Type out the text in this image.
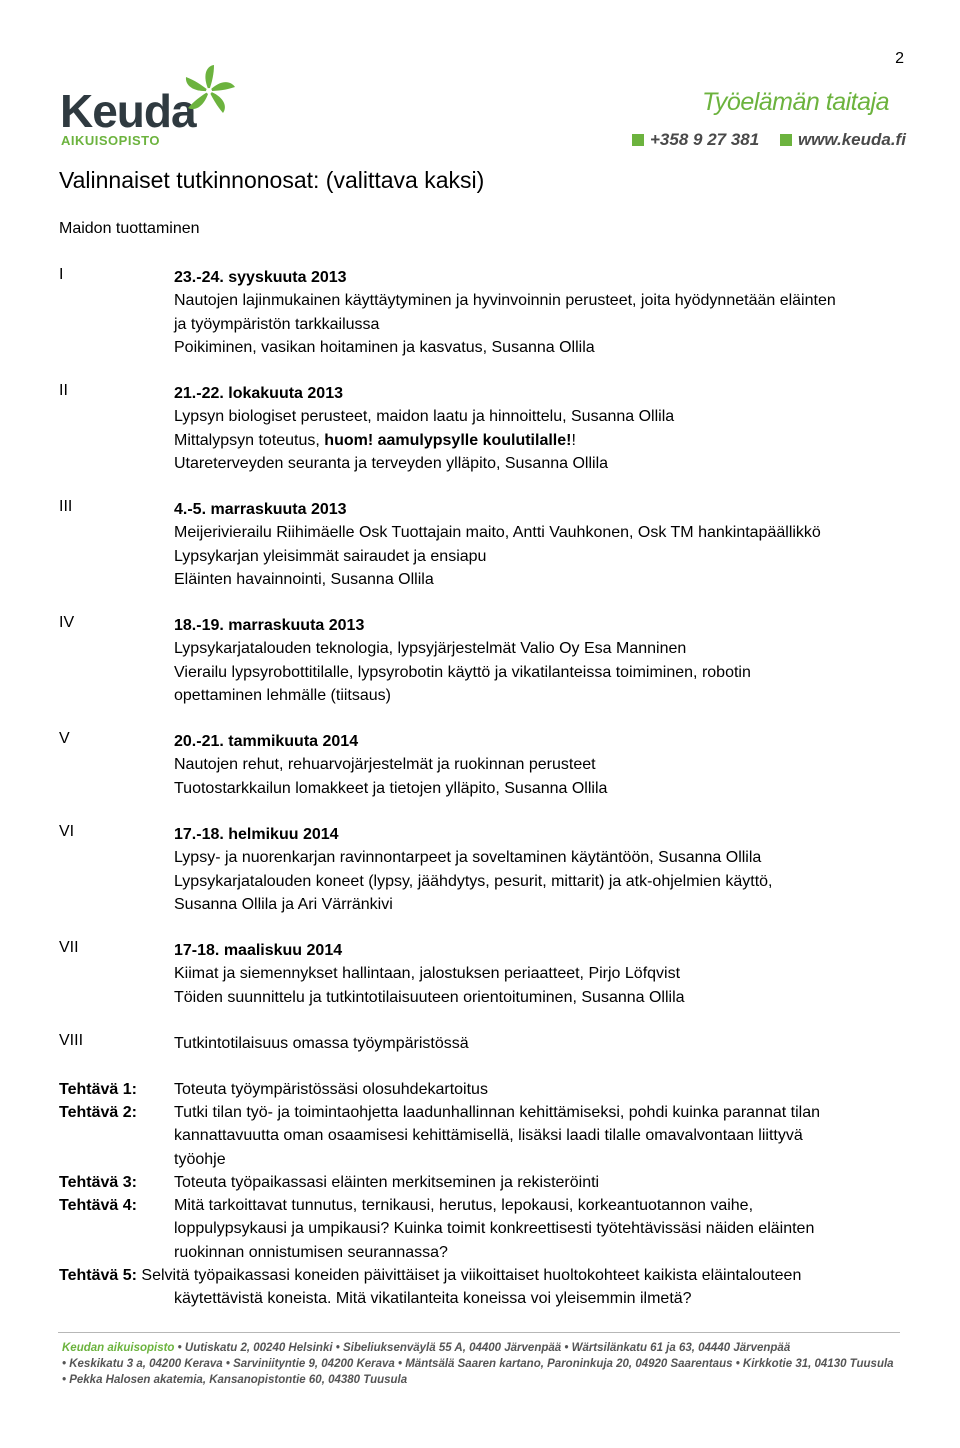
2
Keuda
AIKUISOPISTO
Työelämän taitaja
+358 9 27 381 www.keuda.fi
Valinnaiset tutkinnonosat: (valittava kaksi)
Maidon tuottaminen
I	23.-24. syyskuuta 2013
Nautojen lajinmukainen käyttäytyminen ja hyvinvoinnin perusteet, joita hyödynnetään eläinten
ja työympäristön tarkkailussa
Poikiminen, vasikan hoitaminen ja kasvatus, Susanna Ollila
II	21.-22. lokakuuta 2013
Lypsyn biologiset perusteet, maidon laatu ja hinnoittelu, Susanna Ollila
Mittalypsyn toteutus, huom! aamulypsylle koulutilalle!!
Utareterveyden seuranta ja terveyden ylläpito, Susanna Ollila
III	4.-5. marraskuuta 2013
Meijerivierailu Riihimäelle Osk Tuottajain maito, Antti Vauhkonen, Osk TM hankintapäällikkö
Lypsykarjan yleisimmät sairaudet ja ensiapu
Eläinten havainnointi, Susanna Ollila
IV	18.-19. marraskuuta 2013
Lypsykarjatalouden teknologia, lypsyjärjestelmät Valio Oy Esa Manninen
Vierailu lypsyrobottitilalle, lypsyrobotin käyttö ja vikatilanteissa toimiminen, robotin
opettaminen lehmälle (tiitsaus)
V	20.-21. tammikuuta 2014
Nautojen rehut, rehuarvojärjestelmät ja ruokinnan perusteet
Tuotostarkkailun lomakkeet ja tietojen ylläpito, Susanna Ollila
VI	17.-18. helmikuu 2014
Lypsy- ja nuorenkarjan ravinnontarpeet ja soveltaminen käytäntöön, Susanna Ollila
Lypsykarjatalouden koneet (lypsy, jäähdytys, pesurit, mittarit) ja atk-ohjelmien käyttö,
Susanna Ollila ja Ari Värränkivi
VII	17-18. maaliskuu 2014
Kiimat ja siemennykset hallintaan, jalostuksen periaatteet, Pirjo Löfqvist
Töiden suunnittelu ja tutkintotilaisuuteen orientoituminen, Susanna Ollila
VIII	Tutkintotilaisuus omassa työympäristössä
Tehtävä 1: Toteuta työympäristössäsi olosuhdekartoitus
Tehtävä 2: Tutki tilan työ- ja toimintaohjetta laadunhallinnan kehittämiseksi, pohdi kuinka parannat tilan
kannattavuutta oman osaamisesi kehittämisellä, lisäksi laadi tilalle omavalvontaan liittyvä
työohje
Tehtävä 3: Toteuta työpaikassasi eläinten merkitseminen ja rekisteröinti
Tehtävä 4: Mitä tarkoittavat tunnutus, ternikausi, herutus, lepokausi, korkeantuotannon vaihe,
loppulypsykausi ja umpikausi? Kuinka toimit konkreettisesti työtehtävissäsi näiden eläinten
ruokinnan onnistumisen seurannassa?
Tehtävä 5: Selvitä työpaikassasi koneiden päivittäiset ja viikoittaiset huoltokohteet kaikista eläintalouteen
käytettävistä koneista. Mitä vikatilanteita koneissa voi yleisemmin ilmetä?
Keudan aikuisopisto • Uutiskatu 2, 00240 Helsinki • Sibeliuksenväylä 55 A, 04400 Järvenpää • Wärtsilänkatu 61 ja 63, 04440 Järvenpää
• Keskikatu 3 a, 04200 Kerava • Sarviniityntie 9, 04200 Kerava • Mäntsälä Saaren kartano, Paroninkuja 20, 04920 Saarentaus • Kirkkotie 31, 04130 Tuusula
• Pekka Halosen akatemia, Kansanopistontie 60, 04380 Tuusula
